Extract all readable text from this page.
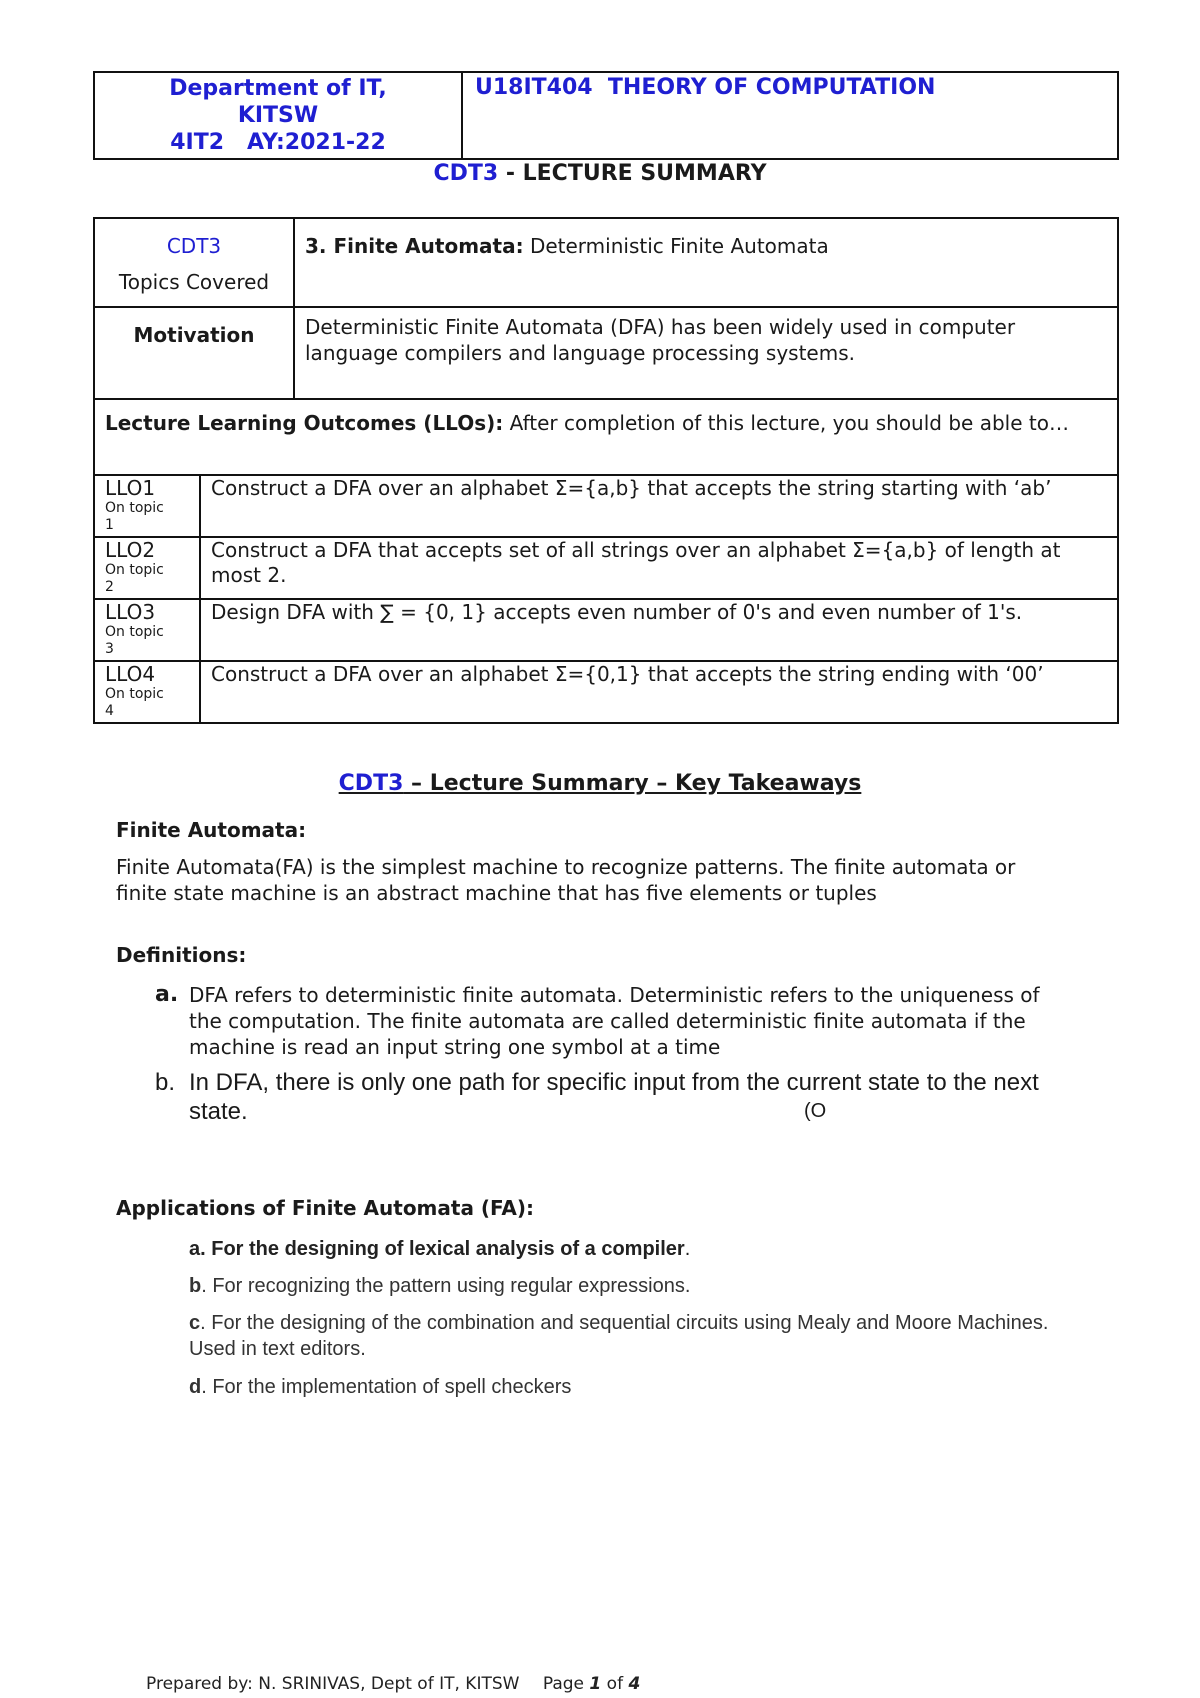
Department of IT,
KITSW
4IT2   AY:2021-22
	U18IT404  THEORY OF COMPUTATION
CDT3 - LECTURE SUMMARY
CDT3
Topics Covered	3. Finite Automata: Deterministic Finite Automata
Motivation	Deterministic Finite Automata (DFA) has been widely used in computer language compilers and language processing systems.
Lecture Learning Outcomes (LLOs): After completion of this lecture, you should be able to…	
LLO1
On topic
1	Construct a DFA over an alphabet Σ={a,b} that accepts the string starting with ‘ab’

LLO2
On topic
2	Construct a DFA that accepts set of all strings over an alphabet Σ={a,b} of length at most 2.

LLO3
On topic
3	Design DFA with ∑ = {0, 1} accepts even number of 0's and even number of 1's.

LLO4
On topic
4	Construct a DFA over an alphabet Σ={0,1} that accepts the string ending with ‘00’
CDT3 – Lecture Summary – Key Takeaways
Finite Automata:
Finite Automata(FA) is the simplest machine to recognize patterns. The finite automata or finite state machine is an abstract machine that has five elements or tuples
Definitions:
a. DFA refers to deterministic finite automata. Deterministic refers to the uniqueness of the computation. The finite automata are called deterministic finite automata if the machine is read an input string one symbol at a time
b. In DFA, there is only one path for specific input from the current state to the next state.	(O
Applications of Finite Automata (FA):
a. For the designing of lexical analysis of a compiler.
b. For recognizing the pattern using regular expressions.
c. For the designing of the combination and sequential circuits using Mealy and Moore Machines. Used in text editors.
d. For the implementation of spell checkers
Prepared by: N. SRINIVAS, Dept of IT, KITSW Page 1 of 4
